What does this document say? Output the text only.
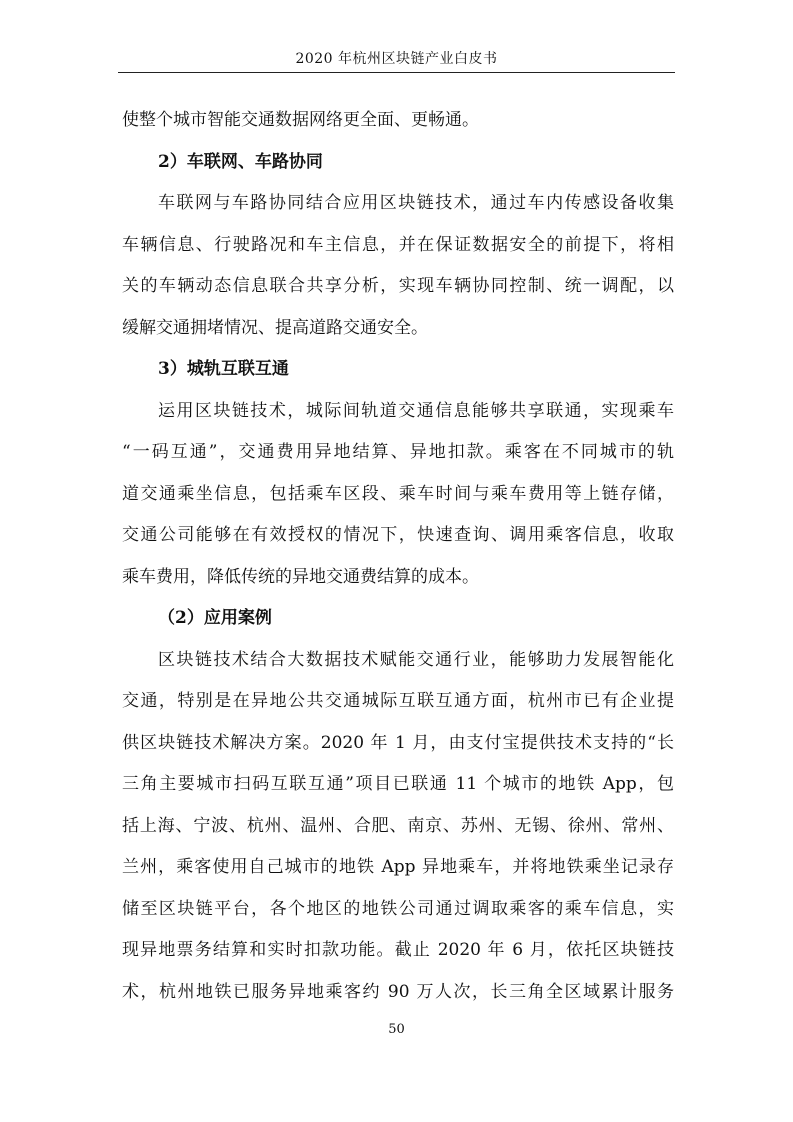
2020 年杭州区块链产业白皮书
使整个城市智能交通数据网络更全面、更畅通。
2）车联网、车路协同
车联网与车路协同结合应用区块链技术，通过车内传感设备收集
车辆信息、行驶路况和车主信息，并在保证数据安全的前提下，将相
关的车辆动态信息联合共享分析，实现车辆协同控制、统一调配，以
缓解交通拥堵情况、提高道路交通安全。
3）城轨互联互通
运用区块链技术，城际间轨道交通信息能够共享联通，实现乘车
“一码互通”，交通费用异地结算、异地扣款。乘客在不同城市的轨
道交通乘坐信息，包括乘车区段、乘车时间与乘车费用等上链存储，
交通公司能够在有效授权的情况下，快速查询、调用乘客信息，收取
乘车费用，降低传统的异地交通费结算的成本。
（2）应用案例
区块链技术结合大数据技术赋能交通行业，能够助力发展智能化
交通，特别是在异地公共交通城际互联互通方面，杭州市已有企业提
供区块链技术解决方案。2020 年 1 月，由支付宝提供技术支持的“长
三角主要城市扫码互联互通”项目已联通 11 个城市的地铁 App，包
括上海、宁波、杭州、温州、合肥、南京、苏州、无锡、徐州、常州、
兰州，乘客使用自己城市的地铁 App 异地乘车，并将地铁乘坐记录存
储至区块链平台，各个地区的地铁公司通过调取乘客的乘车信息，实
现异地票务结算和实时扣款功能。截止 2020 年 6 月，依托区块链技
术，杭州地铁已服务异地乘客约 90 万人次，长三角全区域累计服务
50
